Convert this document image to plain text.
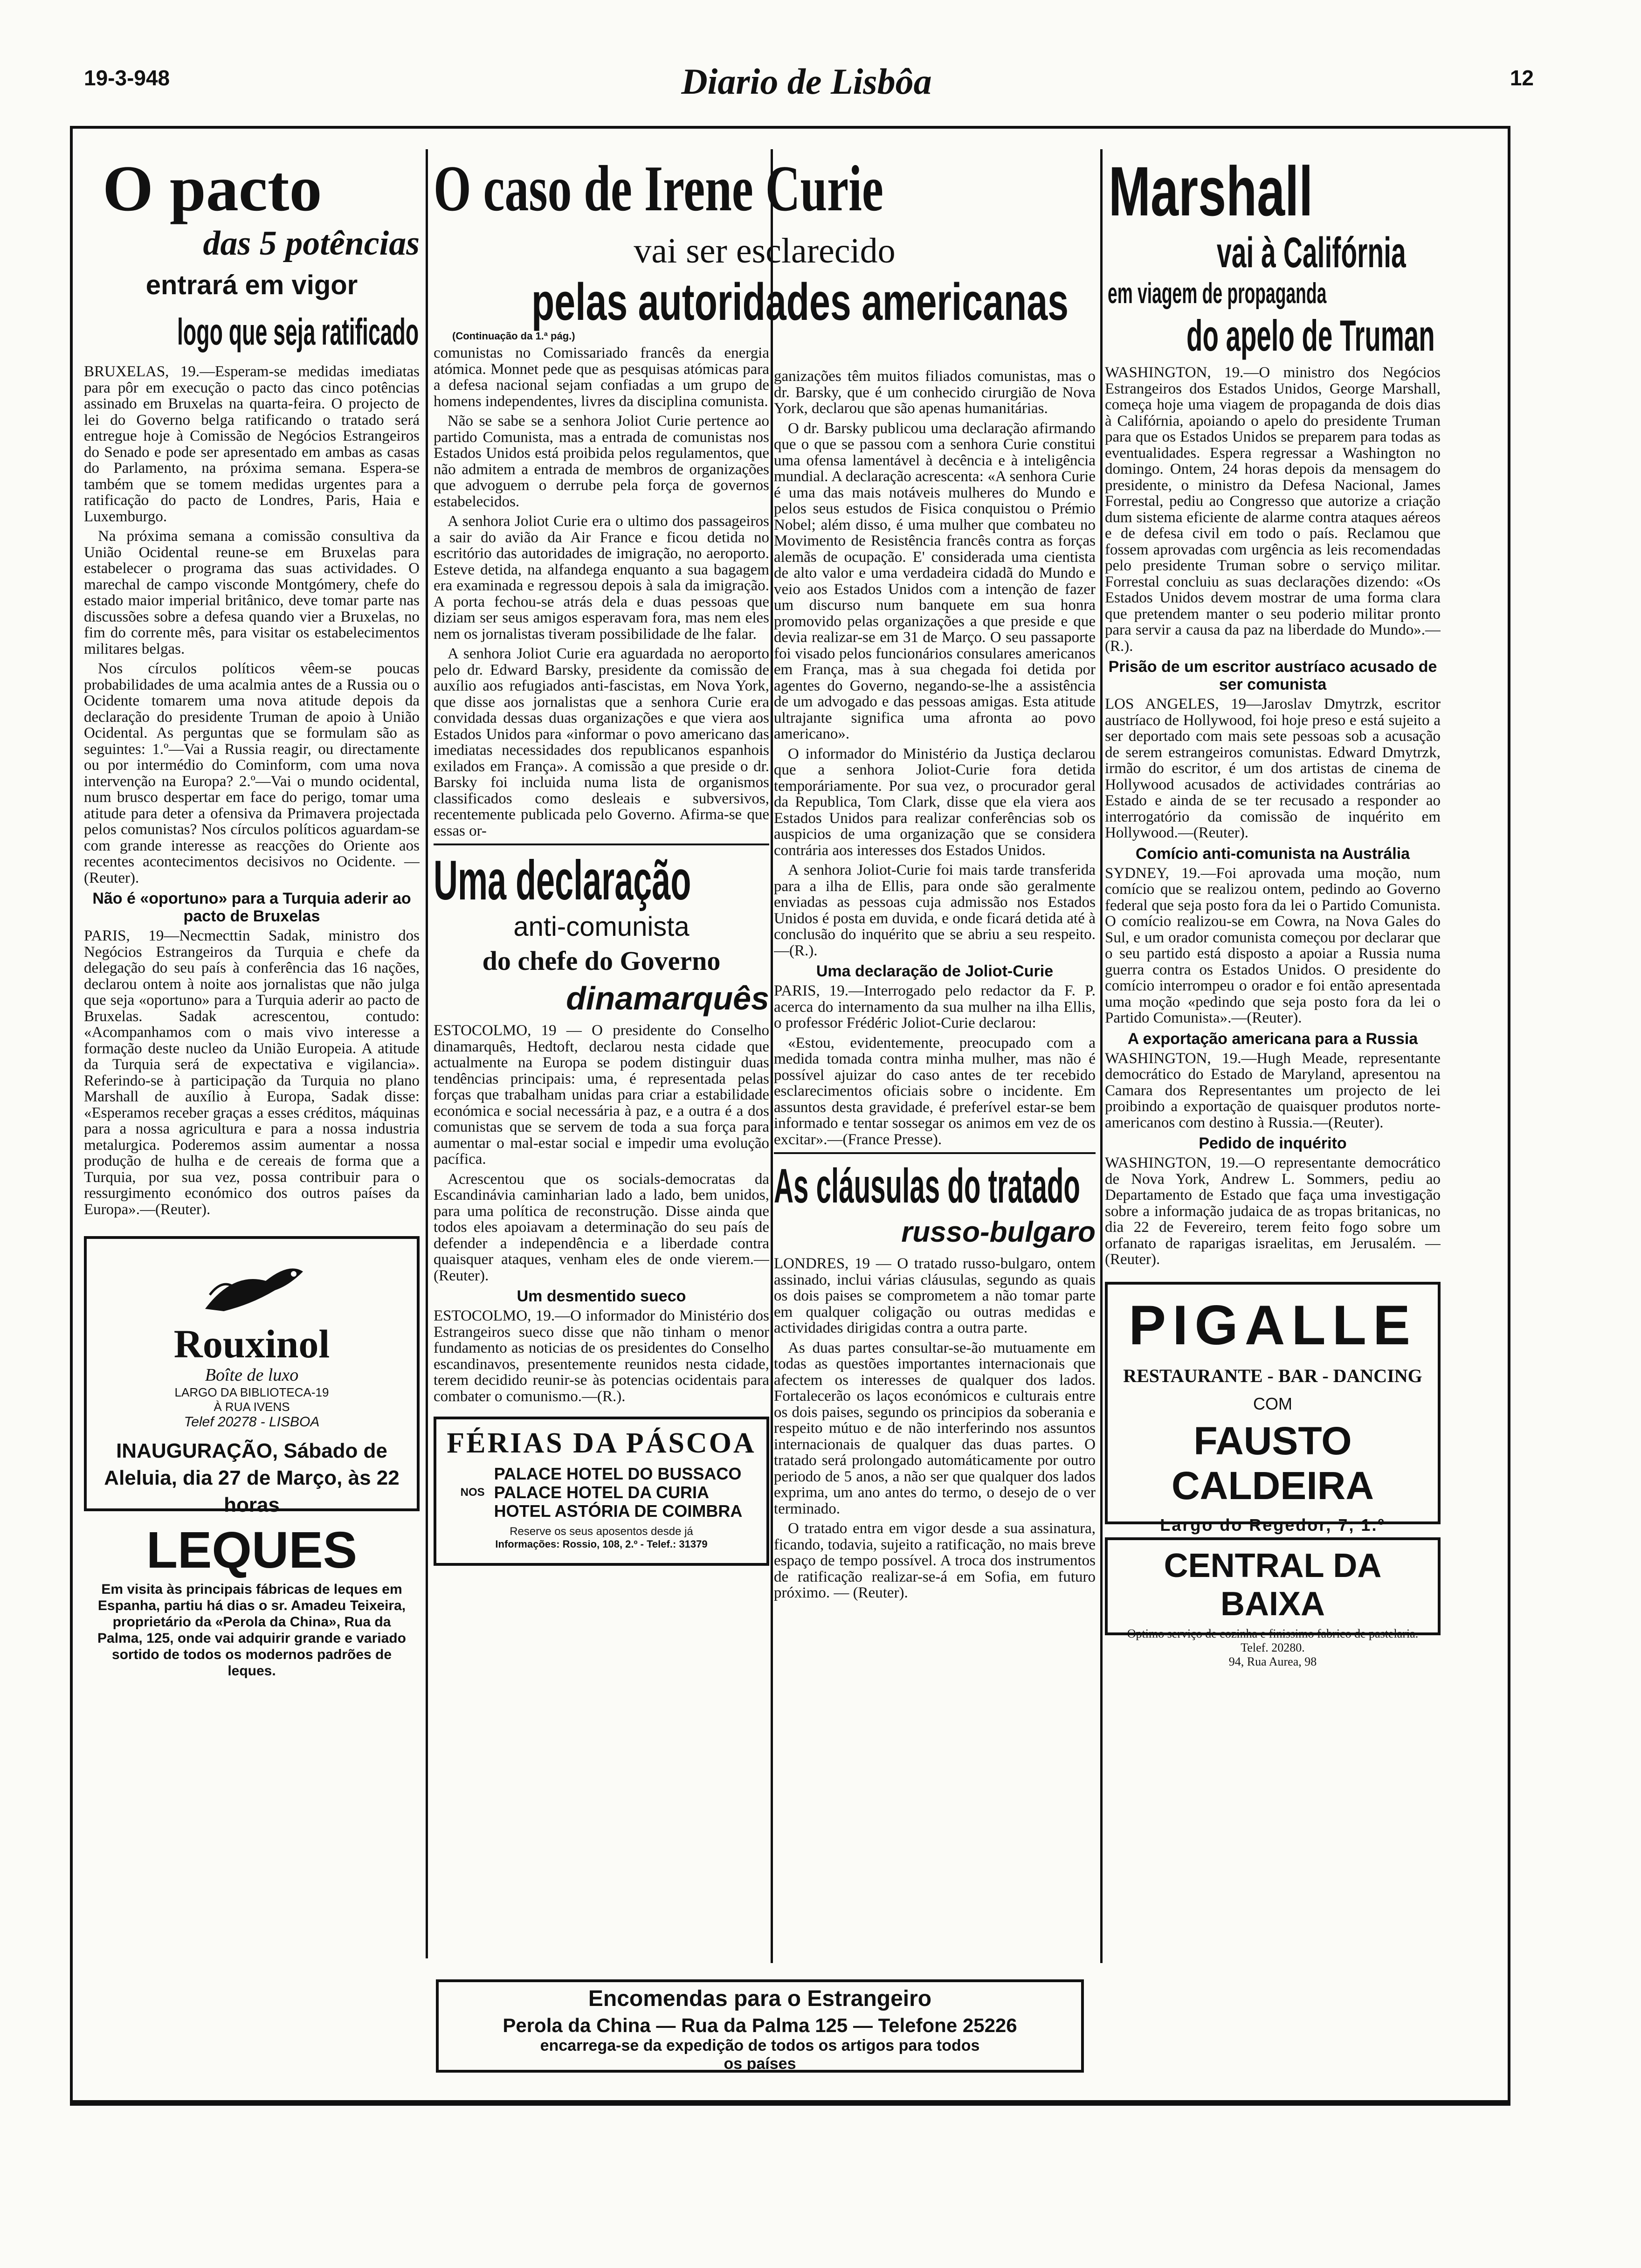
19-3-948	Diario de Lisbôa	12
O pacto
das 5 potências
entrará em vigor
logo que seja ratificado

BRUXELAS, 19.—Esperam-se medidas imediatas para pôr em execução o pacto das cinco potências assinado em Bruxelas na quarta-feira. O projecto de lei do Governo belga ratificando o tratado será entregue hoje à Comissão de Negócios Estrangeiros do Senado e pode ser apresentado em ambas as casas do Parlamento, na próxima semana. Espera-se também que se tomem medidas urgentes para a ratificação do pacto de Londres, Paris, Haia e Luxemburgo.

Na próxima semana a comissão consultiva da União Ocidental reune-se em Bruxelas para estabelecer o programa das suas actividades. O marechal de campo visconde Montgómery, chefe do estado maior imperial britânico, deve tomar parte nas discussões sobre a defesa quando vier a Bruxelas, no fim do corrente mês, para visitar os estabelecimentos militares belgas.

Nos círculos políticos vêem-se poucas probabilidades de uma acalmia antes de a Russia ou o Ocidente tomarem uma nova atitude depois da declaração do presidente Truman de apoio à União Ocidental. As perguntas que se formulam são as seguintes: 1.º—Vai a Russia reagir, ou directamente ou por intermédio do Cominform, com uma nova intervenção na Europa? 2.º—Vai o mundo ocidental, num brusco despertar em face do perigo, tomar uma atitude para deter a ofensiva da Primavera projectada pelos comunistas? Nos círculos políticos aguardam-se com grande interesse as reacções do Oriente aos recentes acontecimentos decisivos no Ocidente. —(Reuter).

Não é «oportuno» para a Turquia aderir ao pacto de Bruxelas

PARIS, 19—Necmecttin Sadak, ministro dos Negócios Estrangeiros da Turquia e chefe da delegação do seu país à conferência das 16 nações, declarou ontem à noite aos jornalistas que não julga que seja «oportuno» para a Turquia aderir ao pacto de Bruxelas. Sadak acrescentou, contudo: «Acompanhamos com o mais vivo interesse a formação deste nucleo da União Europeia. A atitude da Turquia será de expectativa e vigilancia». Referindo-se à participação da Turquia no plano Marshall de auxílio à Europa, Sadak disse: «Esperamos receber graças a esses créditos, máquinas para a nossa agricultura e para a nossa industria metalurgica. Poderemos assim aumentar a nossa produção de hulha e de cereais de forma que a Turquia, por sua vez, possa contribuir para o ressurgimento económico dos outros países da Europa».—(Reuter).

Rouxinol
Boîte de luxo
LARGO DA BIBLIOTECA-19
À RUA IVENS
Telef 20278 - LISBOA
INAUGURAÇÃO, Sábado de Aleluia, dia 27 de Março, às 22 horas
LEQUES

Em visita às principais fábricas de leques em Espanha, partiu há dias o sr. Amadeu Teixeira, proprietário da «Perola da China», Rua da Palma, 125, onde vai adquirir grande e variado sortido de todos os modernos padrões de leques.

O caso de Irene Curie
vai ser esclarecido
pelas autoridades americanas
(Continuação da 1.ª pág.)

comunistas no Comissariado francês da energia atómica. Monnet pede que as pesquisas atómicas para a defesa nacional sejam confiadas a um grupo de homens independentes, livres da disciplina comunista.

Não se sabe se a senhora Joliot Curie pertence ao partido Comunista, mas a entrada de comunistas nos Estados Unidos está proibida pelos regulamentos, que não admitem a entrada de membros de organizações que advoguem o derrube pela força de governos estabelecidos.

A senhora Joliot Curie era o ultimo dos passageiros a sair do avião da Air France e ficou detida no escritório das autoridades de imigração, no aeroporto. Esteve detida, na alfandega enquanto a sua bagagem era examinada e regressou depois à sala da imigração. A porta fechou-se atrás dela e duas pessoas que diziam ser seus amigos esperavam fora, mas nem eles nem os jornalistas tiveram possibilidade de lhe falar.

A senhora Joliot Curie era aguardada no aeroporto pelo dr. Edward Barsky, presidente da comissão de auxílio aos refugiados anti-fascistas, em Nova York, que disse aos jornalistas que a senhora Curie era convidada dessas duas organizações e que viera aos Estados Unidos para «informar o povo americano das imediatas necessidades dos republicanos espanhois exilados em França». A comissão a que preside o dr. Barsky foi incluida numa lista de organismos classificados como desleais e subversivos, recentemente publicada pelo Governo. Afirma-se que essas or-

Uma declaração
anti-comunista
do chefe do Governo
dinamarquês

ESTOCOLMO, 19 — O presidente do Conselho dinamarquês, Hedtoft, declarou nesta cidade que actualmente na Europa se podem distinguir duas tendências principais: uma, é representada pelas forças que trabalham unidas para criar a estabilidade económica e social necessária à paz, e a outra é a dos comunistas que se servem de toda a sua força para aumentar o mal-estar social e impedir uma evolução pacífica.

Acrescentou que os socials-democratas da Escandinávia caminharian lado a lado, bem unidos, para uma política de reconstrução. Disse ainda que todos eles apoiavam a determinação do seu país de defender a independência e a liberdade contra quaisquer ataques, venham eles de onde vierem.—(Reuter).

Um desmentido sueco

ESTOCOLMO, 19.—O informador do Ministério dos Estrangeiros sueco disse que não tinham o menor fundamento as noticias de os presidentes do Conselho escandinavos, presentemente reunidos nesta cidade, terem decidido reunir-se às potencias ocidentais para combater o comunismo.—(R.).

FÉRIAS DA PÁSCOA
NOS
PALACE HOTEL DO BUSSACO
PALACE HOTEL DA CURIA
HOTEL ASTÓRIA DE COIMBRA
Reserve os seus aposentos desde já
Informações: Rossio, 108, 2.º - Telef.: 31379

ganizações têm muitos filiados comunistas, mas o dr. Barsky, que é um conhecido cirurgião de Nova York, declarou que são apenas humanitárias.

O dr. Barsky publicou uma declaração afirmando que o que se passou com a senhora Curie constitui uma ofensa lamentável à decência e à inteligência mundial. A declaração acrescenta: «A senhora Curie é uma das mais notáveis mulheres do Mundo e pelos seus estudos de Fisica conquistou o Prémio Nobel; além disso, é uma mulher que combateu no Movimento de Resistência francês contra as forças alemãs de ocupação. E' considerada uma cientista de alto valor e uma verdadeira cidadã do Mundo e veio aos Estados Unidos com a intenção de fazer um discurso num banquete em sua honra promovido pelas organizações a que preside e que devia realizar-se em 31 de Março. O seu passaporte foi visado pelos funcionários consulares americanos em França, mas à sua chegada foi detida por agentes do Governo, negando-se-lhe a assistência de um advogado e das pessoas amigas. Esta atitude ultrajante significa uma afronta ao povo americano».

O informador do Ministério da Justiça declarou que a senhora Joliot-Curie fora detida temporáriamente. Por sua vez, o procurador geral da Republica, Tom Clark, disse que ela viera aos Estados Unidos para realizar conferências sob os auspicios de uma organização que se considera contrária aos interesses dos Estados Unidos.

A senhora Joliot-Curie foi mais tarde transferida para a ilha de Ellis, para onde são geralmente enviadas as pessoas cuja admissão nos Estados Unidos é posta em duvida, e onde ficará detida até à conclusão do inquérito que se abriu a seu respeito.—(R.).

Uma declaração de Joliot-Curie

PARIS, 19.—Interrogado pelo redactor da F. P. acerca do internamento da sua mulher na ilha Ellis, o professor Frédéric Joliot-Curie declarou:

«Estou, evidentemente, preocupado com a medida tomada contra minha mulher, mas não é possível ajuizar do caso antes de ter recebido esclarecimentos oficiais sobre o incidente. Em assuntos desta gravidade, é preferível estar-se bem informado e tentar sossegar os animos em vez de os excitar».—(France Presse).

As cláusulas do tratado
russo-bulgaro

LONDRES, 19 — O tratado russo-bulgaro, ontem assinado, inclui várias cláusulas, segundo as quais os dois paises se comprometem a não tomar parte em qualquer coligação ou outras medidas e actividades dirigidas contra a outra parte.

As duas partes consultar-se-ão mutuamente em todas as questões importantes internacionais que afectem os interesses de qualquer dos lados. Fortalecerão os laços económicos e culturais entre os dois paises, segundo os principios da soberania e respeito mútuo e de não interferindo nos assuntos internacionais de qualquer das duas partes. O tratado será prolongado automáticamente por outro periodo de 5 anos, a não ser que qualquer dos lados exprima, um ano antes do termo, o desejo de o ver terminado.

O tratado entra em vigor desde a sua assinatura, ficando, todavia, sujeito a ratificação, no mais breve espaço de tempo possível. A troca dos instrumentos de ratificação realizar-se-á em Sofia, em futuro próximo. — (Reuter).

Marshall
vai à Califórnia
em viagem de propaganda
do apelo de Truman

WASHINGTON, 19.—O ministro dos Negócios Estrangeiros dos Estados Unidos, George Marshall, começa hoje uma viagem de propaganda de dois dias à Califórnia, apoiando o apelo do presidente Truman para que os Estados Unidos se preparem para todas as eventualidades. Espera regressar a Washington no domingo. Ontem, 24 horas depois da mensagem do presidente, o ministro da Defesa Nacional, James Forrestal, pediu ao Congresso que autorize a criação dum sistema eficiente de alarme contra ataques aéreos e de defesa civil em todo o país. Reclamou que fossem aprovadas com urgência as leis recomendadas pelo presidente Truman sobre o serviço militar. Forrestal concluiu as suas declarações dizendo: «Os Estados Unidos devem mostrar de uma forma clara que pretendem manter o seu poderio militar pronto para servir a causa da paz na liberdade do Mundo».—(R.).

Prisão de um escritor austríaco acusado de ser comunista

LOS ANGELES, 19—Jaroslav Dmytrzk, escritor austríaco de Hollywood, foi hoje preso e está sujeito a ser deportado com mais sete pessoas sob a acusação de serem estrangeiros comunistas. Edward Dmytrzk, irmão do escritor, é um dos artistas de cinema de Hollywood acusados de actividades contrárias ao Estado e ainda de se ter recusado a responder ao interrogatório da comissão de inquérito em Hollywood.—(Reuter).

Comício anti-comunista na Austrália

SYDNEY, 19.—Foi aprovada uma moção, num comício que se realizou ontem, pedindo ao Governo federal que seja posto fora da lei o Partido Comunista. O comício realizou-se em Cowra, na Nova Gales do Sul, e um orador comunista começou por declarar que o seu partido está disposto a apoiar a Russia numa guerra contra os Estados Unidos. O presidente do comício interrompeu o orador e foi então apresentada uma moção «pedindo que seja posto fora da lei o Partido Comunista».—(Reuter).

A exportação americana para a Russia

WASHINGTON, 19.—Hugh Meade, representante democrático do Estado de Maryland, apresentou na Camara dos Representantes um projecto de lei proibindo a exportação de quaisquer produtos norte-americanos com destino à Russia.—(Reuter).

Pedido de inquérito

WASHINGTON, 19.—O representante democrático de Nova York, Andrew L. Sommers, pediu ao Departamento de Estado que faça uma investigação sobre a informação judaica de as tropas britanicas, no dia 22 de Fevereiro, terem feito fogo sobre um orfanato de raparigas israelitas, em Jerusalém. —(Reuter).

PIGALLE
RESTAURANTE - BAR - DANCING
COM
FAUSTO CALDEIRA
Largo do Regedor, 7, 1.º
CENTRAL DA BAIXA
Optimo serviço de cozinha e finissimo fabrico de pastelaria. Telef. 20280.
94, Rua Aurea, 98
Encomendas para o Estrangeiro
Perola da China — Rua da Palma 125 — Telefone 25226
encarrega-se da expedição de todos os artigos para todos
os países
